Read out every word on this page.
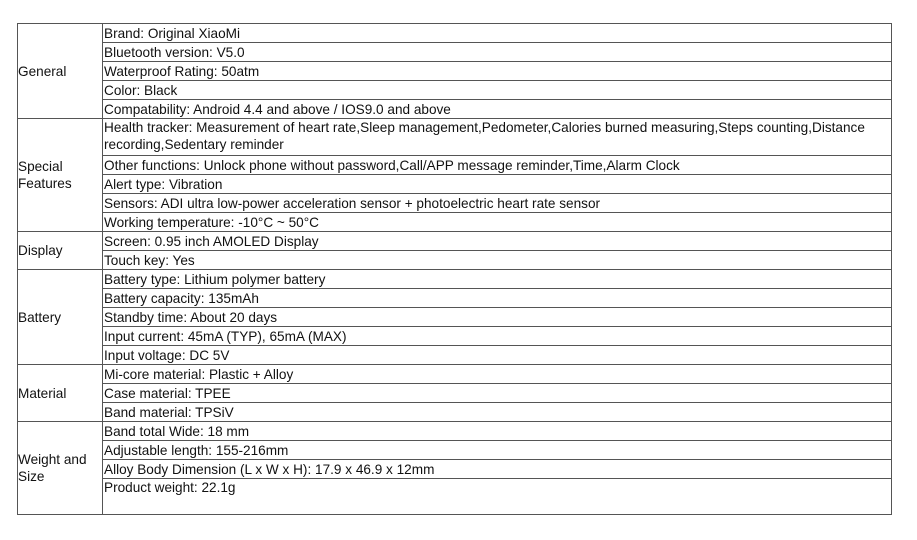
General	Brand: Original XiaoMi
	Bluetooth version: V5.0
	Waterproof Rating: 50atm
	Color: Black
	Compatability: Android 4.4 and above / IOS9.0 and above

Special Features	Health tracker: Measurement of heart rate,Sleep management,Pedometer,Calories burned measuring,Steps counting,Distance recording,Sedentary reminder
	Other functions: Unlock phone without password,Call/APP message reminder,Time,Alarm Clock
	Alert type: Vibration
	Sensors: ADI ultra low-power acceleration sensor + photoelectric heart rate sensor
	Working temperature: -10°C ~ 50°C

Display	Screen: 0.95 inch AMOLED Display
	Touch key: Yes

Battery	Battery type: Lithium polymer battery
	Battery capacity: 135mAh
	Standby time: About 20 days
	Input current: 45mA (TYP), 65mA (MAX)
	Input voltage: DC 5V

Material	Mi-core material: Plastic + Alloy
	Case material: TPEE
	Band material: TPSiV

Weight and Size	Band total Wide: 18 mm
	Adjustable length: 155-216mm
	Alloy Body Dimension (L x W x H): 17.9 x 46.9 x 12mm
	Product weight: 22.1g
